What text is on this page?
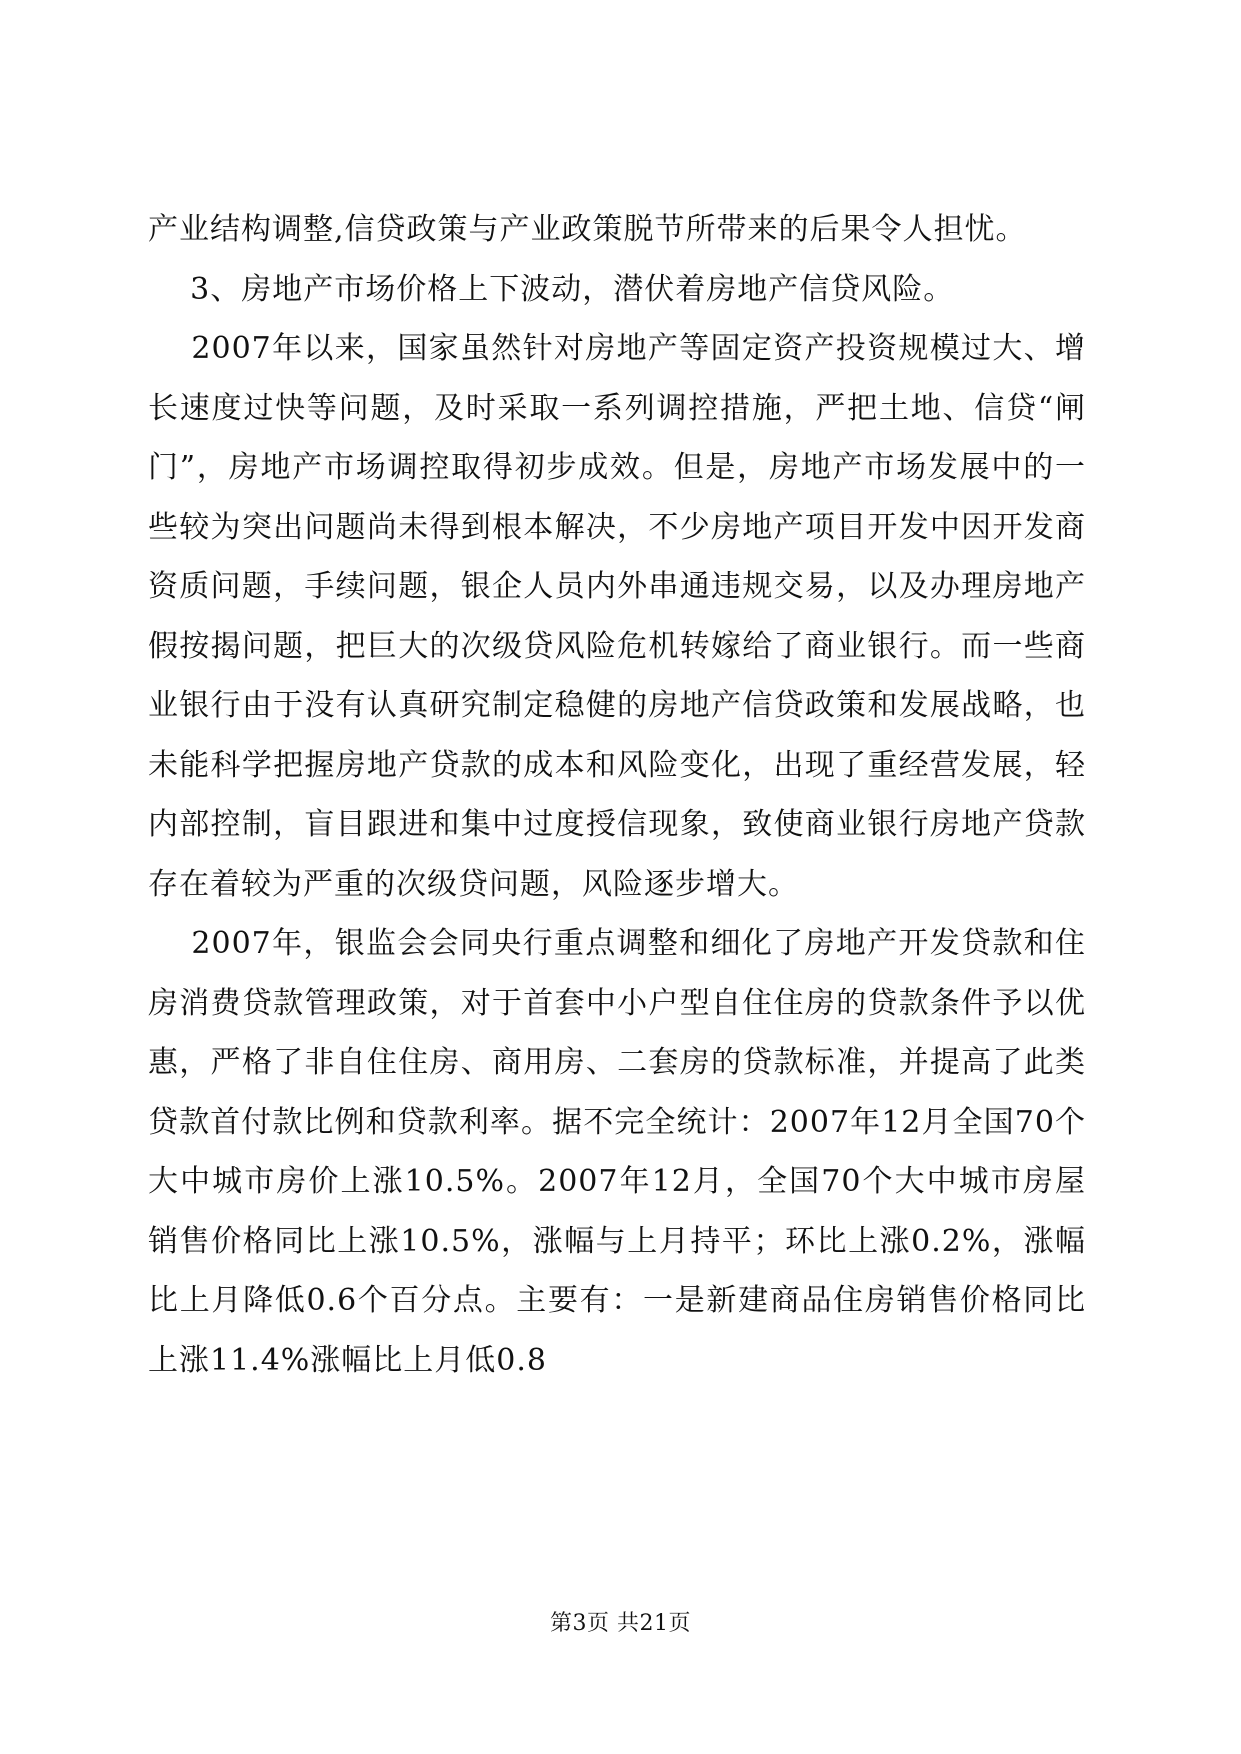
产业结构调整,信贷政策与产业政策脱节所带来的后果令人担忧。

3、房地产市场价格上下波动，潜伏着房地产信贷风险。

2007年以来，国家虽然针对房地产等固定资产投资规模过大、增长速度过快等问题，及时采取一系列调控措施，严把土地、信贷“闸门”，房地产市场调控取得初步成效。但是，房地产市场发展中的一些较为突出问题尚未得到根本解决，不少房地产项目开发中因开发商资质问题，手续问题，银企人员内外串通违规交易，以及办理房地产假按揭问题，把巨大的次级贷风险危机转嫁给了商业银行。而一些商业银行由于没有认真研究制定稳健的房地产信贷政策和发展战略，也未能科学把握房地产贷款的成本和风险变化，出现了重经营发展，轻内部控制，盲目跟进和集中过度授信现象，致使商业银行房地产贷款存在着较为严重的次级贷问题，风险逐步增大。

2007年，银监会会同央行重点调整和细化了房地产开发贷款和住房消费贷款管理政策，对于首套中小户型自住住房的贷款条件予以优惠，严格了非自住住房、商用房、二套房的贷款标准，并提高了此类贷款首付款比例和贷款利率。据不完全统计：2007年12月全国70个大中城市房价上涨10.5%。2007年12月，全国70个大中城市房屋销售价格同比上涨10.5%，涨幅与上月持平；环比上涨0.2%，涨幅比上月降低0.6个百分点。主要有：一是新建商品住房销售价格同比上涨11.4%涨幅比上月低0.8

第3页 共21页
